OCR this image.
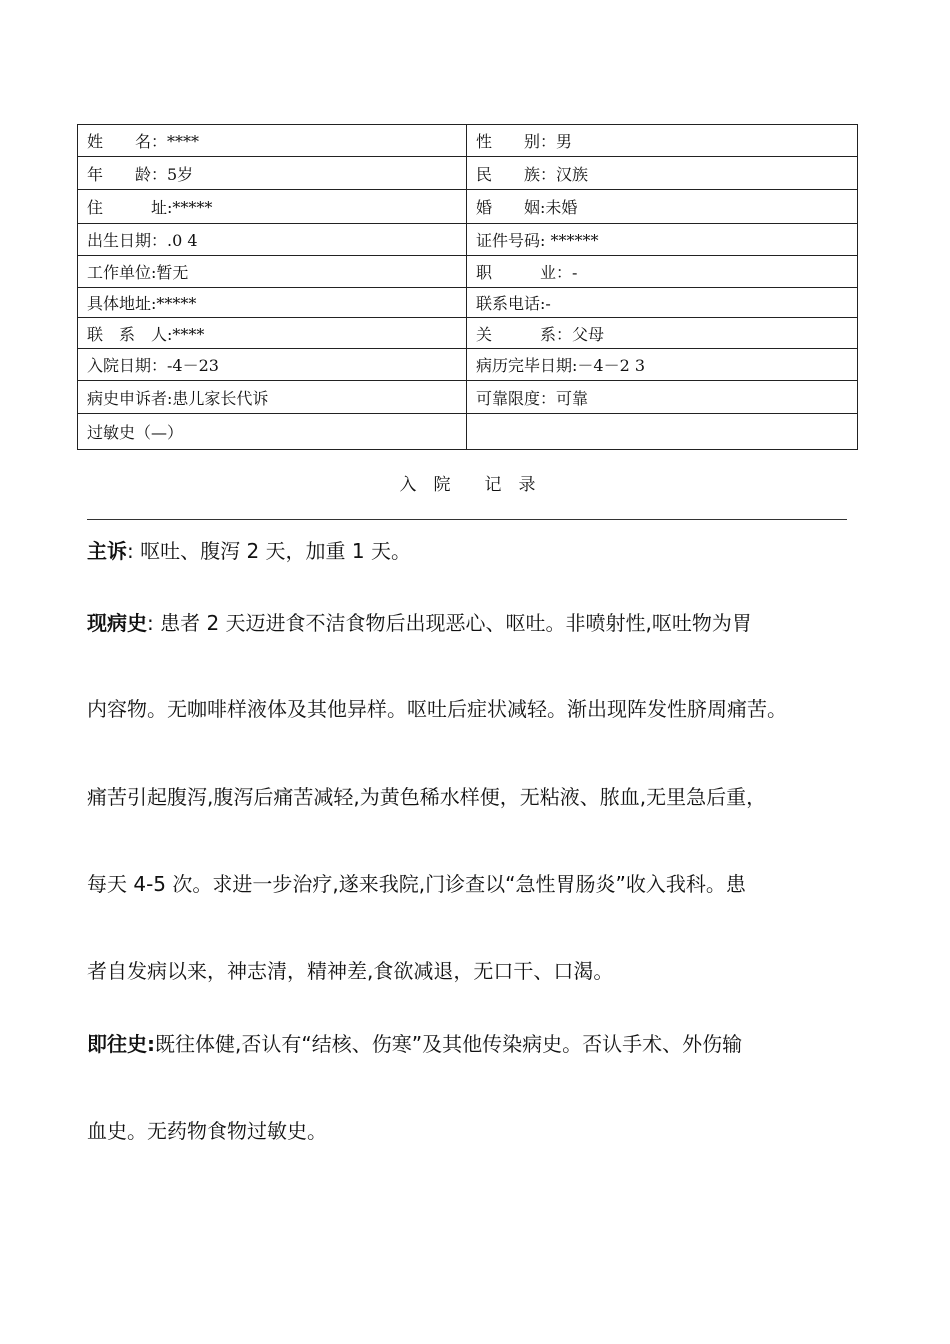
姓　　名：****	性　　别：男
年　　龄：5岁	民　　族：汉族
住　　　址:*****	婚　　姻:未婚
出生日期：.0 4	证件号码: ******
工作单位:暂无	职　　　业：-
具体地址:*****	联系电话:-
联　系　人:****	关　　　系：父母
入院日期：-4－23	病历完毕日期:－4－2 3
病史申诉者:患儿家长代诉	可靠限度：可靠
过敏史（—）	
入　院　　记　录
主诉: 呕吐、腹泻 2 天，加重 1 天。
现病史: 患者 2 天迈进食不洁食物后出现恶心、呕吐。非喷射性,呕吐物为胃
内容物。无咖啡样液体及其他异样。呕吐后症状减轻。渐出现阵发性脐周痛苦。
痛苦引起腹泻,腹泻后痛苦减轻,为黄色稀水样便，无粘液、脓血,无里急后重，
每天 4-5 次。求进一步治疗,遂来我院,门诊查以“急性胃肠炎”收入我科。患
者自发病以来，神志清，精神差,食欲减退，无口干、口渴。
即往史:既往体健,否认有“结核、伤寒”及其他传染病史。否认手术、外伤输
血史。无药物食物过敏史。
